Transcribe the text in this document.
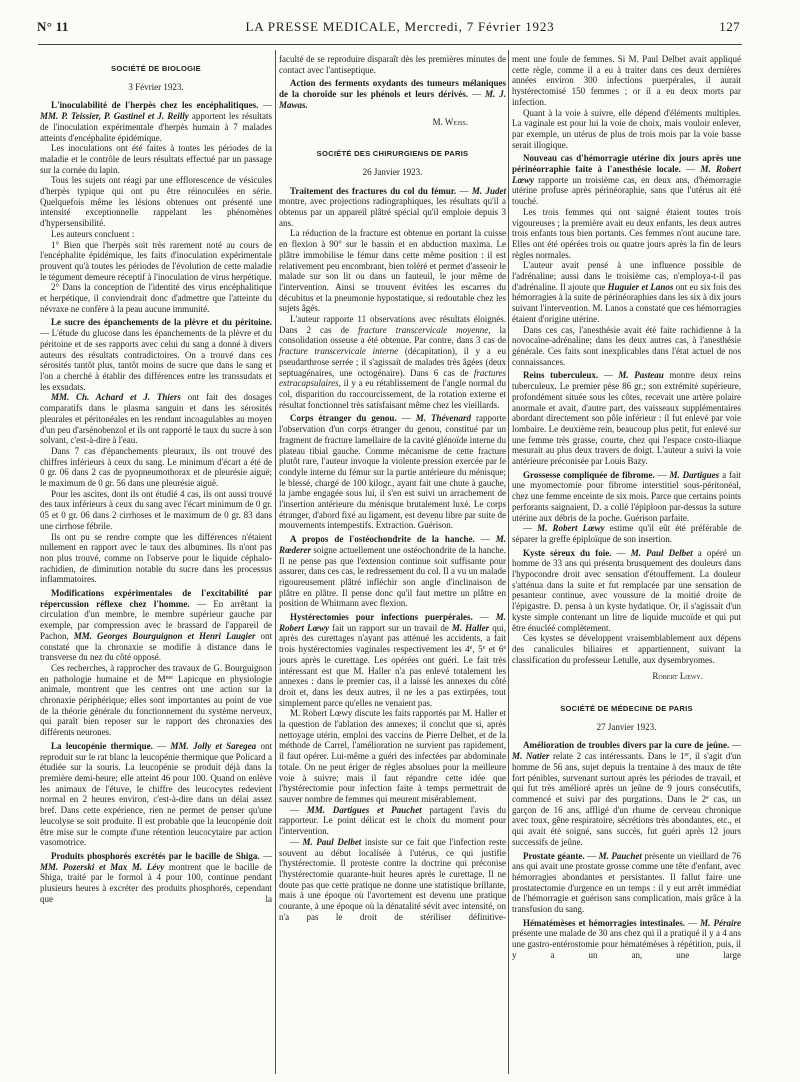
N° 11	LA PRESSE MEDICALE, Mercredi, 7 Février 1923	127
SOCIÉTÉ DE BIOLOGIE
3 Février 1923.

L'inoculabilité de l'herpès chez les encéphalitiques. — MM. P. Teissier, P. Gastinel et J. Reilly apportent les résultats de l'inoculation expérimentale d'herpès humain à 7 malades atteints d'encéphalite épidémique.

Les inoculations ont été faites à toutes les périodes de la maladie et le contrôle de leurs résultats effectué par un passage sur la cornée du lapin.

Tous les sujets ont réagi par une efflorescence de vésicules d'herpès typique qui ont pu être réinoculées en série. Quelquefois même les lésions obtenues ont présenté une intensité exceptionnelle rappelant les phénomènes d'hypersensibilité.

Les auteurs concluent :

1° Bien que l'herpès soit très rarement noté au cours de l'encéphalite épidémique, les faits d'inoculation expérimentale prouvent qu'à toutes les périodes de l'évolution de cette maladie le tégument demeure réceptif à l'inoculation de virus herpétique.

2° Dans la conception de l'identité des virus encéphalitique et herpétique, il conviendrait donc d'admettre que l'atteinte du névraxe ne confère à la peau aucune immunité.

Le sucre des épanchements de la plèvre et du péritoine. — L'étude du glucose dans les épanchements de la plèvre et du péritoine et de ses rapports avec celui du sang a donné à divers auteurs des résultats contradictoires. On a trouvé dans ces sérosités tantôt plus, tantôt moins de sucre que dans le sang et l'on a cherché à établir des différences entre les transsudats et les exsudats.

MM. Ch. Achard et J. Thiers ont fait des dosages comparatifs dans le plasma sanguin et dans les sérosités pleurales et péritonéales en les rendant incoagulables au moyen d'un peu d'arsénobenzol et ils ont rapporté le taux du sucre à son solvant, c'est-à-dire à l'eau.

Dans 7 cas d'épanchements pleuraux, ils ont trouvé des chiffres inférieurs à ceux du sang. Le minimum d'écart a été de 0 gr. 06 dans 2 cas de pyopneumothorax et de pleurésie aiguë; le maximum de 0 gr. 56 dans une pleurésie aiguë.

Pour les ascites, dont ils ont étudié 4 cas, ils ont aussi trouvé des taux inférieurs à ceux du sang avec l'écart minimum de 0 gr. 05 et 0 gr. 06 dans 2 cirrhoses et le maximum de 0 gr. 83 dans une cirrhose fébrile.

Ils ont pu se rendre compte que les différences n'étaient nullement en rapport avec le taux des albumines. Ils n'ont pas non plus trouvé, comme on l'observe pour le liquide céphalo-rachidien, de diminution notable du sucre dans les processus inflammatoires.

Modifications expérimentales de l'excitabilité par répercussion réflexe chez l'homme. — En arrêtant la circulation d'un membre, le membre supérieur gauche par exemple, par compression avec le brassard de l'appareil de Pachon, MM. Georges Bourguignon et Henri Laugier ont constaté que la chronaxie se modifie à distance dans le transverse du nez du côté opposé.

Ces recherches, à rapprocher des travaux de G. Bourguignon en pathologie humaine et de $M^{me}$ Lapicque en physiologie animale, montrent que les centres ont une action sur la chronaxie périphérique; elles sont importantes au point de vue de la théorie générale du fonctionnement du système nerveux, qui paraît bien reposer sur le rapport des chronaxies des différents neurones.

La leucopénie thermique. — MM. Jolly et Saregea ont reproduit sur le rat blanc la leucopénie thermique que Policard a étudiée sur la souris. La leucopénie se produit déjà dans la première demi-heure; elle atteint 46 pour 100. Quand on enlève les animaux de l'étuve, le chiffre des leucocytes redevient normal en 2 heures environ, c'est-à-dire dans un délai assez bref. Dans cette expérience, rien ne permet de penser qu'une leucolyse se soit produite. Il est probable que la leucopénie doit être mise sur le compte d'une rétention leucocytaire par action vasomotrice.

Produits phosphorés excrétés par le bacille de Shiga. — MM. Pozerski et Max M. Lévy montrent que le bacille de Shiga, traité par le formol à 4 pour 100, continue pendant plusieurs heures à excréter des produits phosphorés, cependant que la

faculté de se reproduire disparaît dès les premières minutes de contact avec l'antiseptique.

Action des ferments oxydants des tumeurs mélaniques de la choroïde sur les phénols et leurs dérivés. — M. J. Mawas.

M. Weiss.
SOCIÉTÉ DES CHIRURGIENS DE PARIS
26 Janvier 1923.

Traitement des fractures du col du fémur. — M. Judet montre, avec projections radiographiques, les résultats qu'il a obtenus par un appareil plâtré spécial qu'il emploie depuis 3 ans.

La réduction de la fracture est obtenue en portant la cuisse en flexion à 90° sur le bassin et en abduction maxima. Le plâtre immobilise le fémur dans cette même position : il est relativement peu encombrant, bien toléré et permet d'asseoir le malade sur son lit ou dans un fauteuil, le jour même de l'intervention. Ainsi se trouvent évitées les escarres du décubitus et la pneumonie hypostatique, si redoutable chez les sujets âgés.

L'auteur rapporte 11 observations avec résultats éloignés. Dans 2 cas de fracture transcervicale moyenne, la consolidation osseuse a été obtenue. Par contre, dans 3 cas de fracture transcervicale interne (décapitation), il y a eu pseudarthrose serrée ; il s'agissait de malades très âgées (deux septuagénaires, une octogénaire). Dans 6 cas de fractures extracapsulaires, il y a eu rétablissement de l'angle normal du col, disparition du raccourcissement, de la rotation externe et résultat fonctionnel très satisfaisant même chez les vieillards.

Corps étranger du genou. — M. Thévenard rapporte l'observation d'un corps étranger du genou, constitué par un fragment de fracture lamellaire de la cavité glénoïde interne du plateau tibial gauche. Comme mécanisme de cette fracture plutôt rare, l'auteur invoque la violente pression exercée par le condyle interne du fémur sur la partie antérieure du ménisque; le blessé, chargé de 100 kilogr., ayant fait une chute à gauche, la jambe engagée sous lui, il s'en est suivi un arrachement de l'insertion antérieure du ménisque brutalement luxé. Le corps étranger, d'abord fixé au ligament, est devenu libre par suite de mouvements intempestifs. Extraction. Guérison.

A propos de l'ostéochondrite de la hanche. — M. Rœderer soigne actuellement une ostéochondrite de la hanche. Il ne pense pas que l'extension continue soit suffisante pour assurer, dans ces cas, le redressement du col. Il a vu un malade rigoureusement plâtré infléchir son angle d'inclinaison de plâtre en plâtre. Il pense donc qu'il faut mettre un plâtre en position de Whitmann avec flexion.

Hystérectomies pour infections puerpérales. — M. Robert Lœwy fait un rapport sur un travail de M. Haller qui, après des curettages n'ayant pas atténué les accidents, a fait trois hystérectomies vaginales respectivement les 4e, 5e et 6e jours après le curettage. Les opérées ont guéri. Le fait très intéressant est que M. Haller n'a pas enlevé totalement les annexes : dans le premier cas, il a laissé les annexes du côté droit et, dans les deux autres, il ne les a pas extirpées, tout simplement parce qu'elles ne venaient pas.

M. Robert Lœwy discute les faits rapportés par M. Haller et la question de l'ablation des annexes; il conclut que si, après nettoyage utérin, emploi des vaccins de Pierre Delbet, et de la méthode de Carrel, l'amélioration ne survient pas rapidement, il faut opérer. Lui-même a guéri des infectées par abdominale totale. On ne peut ériger de règles absolues pour la meilleure voie à suivre; mais il faut répandre cette idée que l'hystérectomie pour infection faite à temps permettrait de sauver nombre de femmes qui meurent misérablement.

— MM. Dartigues et Pauchet partagent l'avis du rapporteur. Le point délicat est le choix du moment pour l'intervention.

— M. Paul Delbet insiste sur ce fait que l'infection reste souvent au début localisée à l'utérus, ce qui justifie l'hystérectomie. Il proteste contre la doctrine qui préconise l'hystérectomie quarante-huit heures après le curettage. Il ne doute pas que cette pratique ne donne une statistique brillante, mais à une époque où l'avortement est devenu une pratique courante, à une époque où la dénatalité sévit avec intensité, on n'a pas le droit de stériliser définitive-

ment une foule de femmes. Si M. Paul Delbet avait appliqué cette règle, comme il a eu à traiter dans ces deux dernières années environ 300 infections puerpérales, il aurait hystérectomisé 150 femmes ; or il a eu deux morts par infection.

Quant à la voie à suivre, elle dépend d'éléments multiples. La vaginale est pour lui la voie de choix, mais vouloir enlever, par exemple, un utérus de plus de trois mois par la voie basse serait illogique.

Nouveau cas d'hémorragie utérine dix jours après une périnéorraphie faite à l'anesthésie locale. — M. Robert Lœwy rapporte un troisième cas, en deux ans, d'hémorragie utérine profuse après périnéoraphie, sans que l'utérus ait été touché.

Les trois femmes qui ont saigné étaient toutes trois vigoureuses ; la première avait eu deux enfants, les deux autres trois enfants tous bien portants. Ces femmes n'ont aucune tare. Elles ont été opérées trois ou quatre jours après la fin de leurs règles normales.

L'auteur avait pensé à une influence possible de l'adrénaline; aussi dans le troisième cas, n'employa-t-il pas d'adrénaline. Il ajoute que Huguier et Lanos ont eu six fois des hémorragies à la suite de périnéoraphies dans les six à dix jours suivant l'intervention. M. Lanos a constaté que ces hémorragies étaient d'origine utérine.

Dans ces cas, l'anesthésie avait été faite rachidienne à la novocaïne-adrénaline; dans les deux autres cas, à l'anesthésie générale. Ces faits sont inexplicables dans l'état actuel de nos connaissances.

Reins tuberculeux. — M. Pasteau montre deux reins tuberculeux. Le premier pèse 86 gr.; son extrémité supérieure, profondément située sous les côtes, recevait une artère polaire anormale et avait, d'autre part, des vaisseaux supplémentaires abordant directement son pôle inférieur : il fut enlevé par voie lombaire. Le deuxième rein, beaucoup plus petit, fut enlevé sur une femme très grasse, courte, chez qui l'espace costo-iliaque mesurait au plus deux travers de doigt. L'auteur a suivi la voie antérieure préconisée par Louis Bazy.

Grossesse compliquée de fibrome. — M. Dartigues a fait une myomectomie pour fibrome interstitiel sous-péritonéal, chez une femme enceinte de six mois. Parce que certains points perforants saignaient, D. a collé l'épiploon par-dessus la suture utérine aux débris de la poche. Guérison parfaite.

— M. Robert Lœwy estime qu'il eût été préférable de séparer la greffe épiploïque de son insertion.

Kyste séreux du foie. — M. Paul Delbet a opéré un homme de 33 ans qui présenta brusquement des douleurs dans l'hypocondre droit avec sensation d'étouffement. La douleur s'atténua dans la suite et fut remplacée par une sensation de pesanteur continue, avec voussure de la moitié droite de l'épigastre. D. pensa à un kyste hydatique. Or, il s'agissait d'un kyste simple contenant un litre de liquide mucoïde et qui put être énucléé complètement.

Ces kystes se développent vraisemblablement aux dépens des canalicules biliaires et appartiennent, suivant la classification du professeur Letulle, aux dysembryomes.

Robert Lœwy.
SOCIÉTÉ DE MÉDECINE DE PARIS
27 Janvier 1923.

Amélioration de troubles divers par la cure de jeûne. — M. Natier relate 2 cas intéressants. Dans le 1er, il s'agit d'un homme de 56 ans, sujet depuis la trentaine à des maux de tête fort pénibles, survenant surtout après les périodes de travail, et qui fut très amélioré après un jeûne de 9 jours consécutifs, commencé et suivi par des purgations. Dans le 2e cas, un garçon de 16 ans, affligé d'un rhume de cerveau chronique avec toux, gêne respiratoire, sécrétions très abondantes, etc., et qui avait été soigné, sans succès, fut guéri après 12 jours successifs de jeûne.

Prostate géante. — M. Pauchet présente un vieillard de 76 ans qui avait une prostate grosse comme une tête d'enfant, avec hémorragies abondantes et persistantes. Il fallut faire une prostatectomie d'urgence en un temps : il y eut arrêt immédiat de l'hémorragie et guérison sans complication, mais grâce à la transfusion du sang.

Hématémèses et hémorragies intestinales. — M. Péraire présente une malade de 30 ans chez qui il a pratiqué il y a 4 ans une gastro-entérostomie pour hématémèses à répétition, puis, il y a un an, une large
